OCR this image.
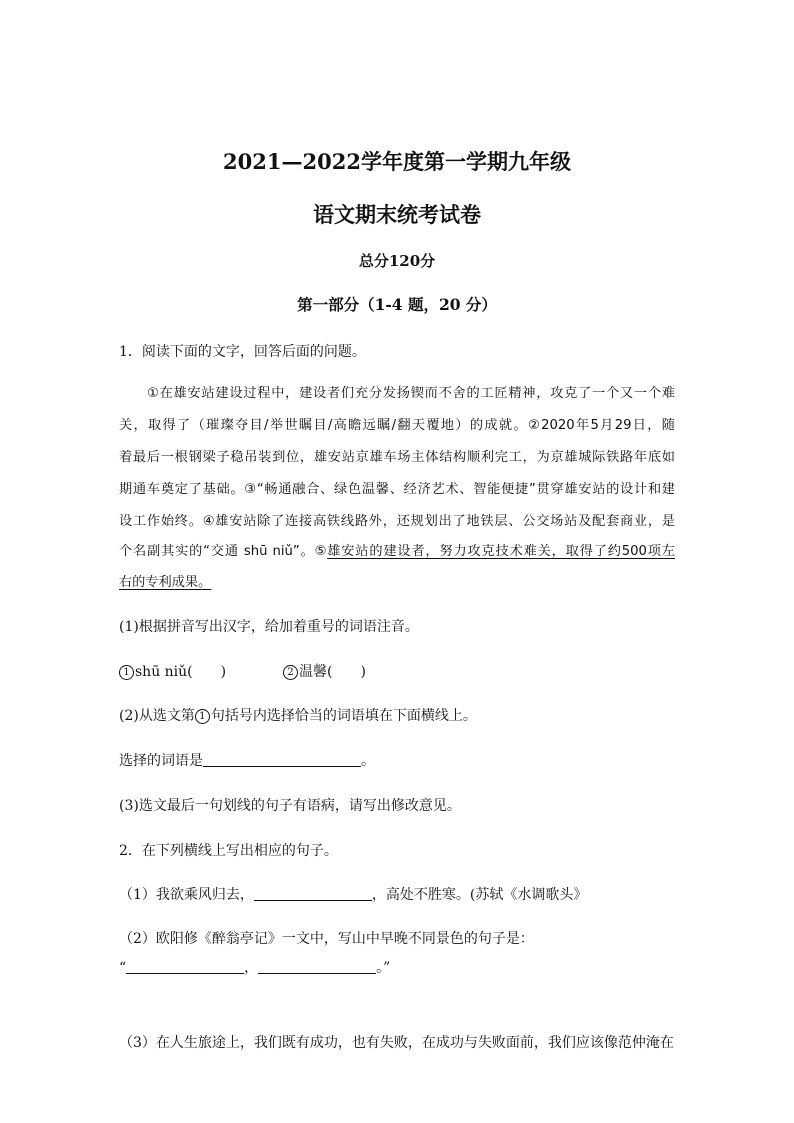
2021—2022学年度第一学期九年级
语文期末统考试卷
总分120分
第一部分（1-4 题，20 分）
1．阅读下面的文字，回答后面的问题。
①在雄安站建设过程中，建设者们充分发扬锲而不舍的工匠精神，攻克了一个又一个难
关，取得了（璀璨夺目/举世瞩目/高瞻远瞩/翻天覆地）的成就。②2020年5月29日，随
着最后一根钢梁子稳吊装到位，雄安站京雄车场主体结构顺利完工，为京雄城际铁路年底如
期通车奠定了基础。③“畅通融合、绿色温馨、经济艺术、智能便捷”贯穿雄安站的设计和建
设工作始终。④雄安站除了连接高铁线路外，还规划出了地铁层、公交场站及配套商业，是
个名副其实的“交通 shū niǔ”。⑤雄安站的建设者，努力攻克技术难关，取得了约500项左
右的专利成果。
(1)根据拼音写出汉字，给加着重号的词语注音。
1 shū niǔ(　　)	2 温馨(　　)
(2)从选文第 1 句括号内选择恰当的词语填在下面横线上。
选择的词语是	。
(3)选文最后一句划线的句子有语病，请写出修改意见。
2．在下列横线上写出相应的句子。
（1）我欲乘风归去，	，高处不胜寒。(苏轼《水调歌头》
（2）欧阳修《醉翁亭记》一文中，写山中早晚不同景色的句子是：
“	，	。”
（3）在人生旅途上，我们既有成功，也有失败，在成功与失败面前，我们应该像范仲淹在
